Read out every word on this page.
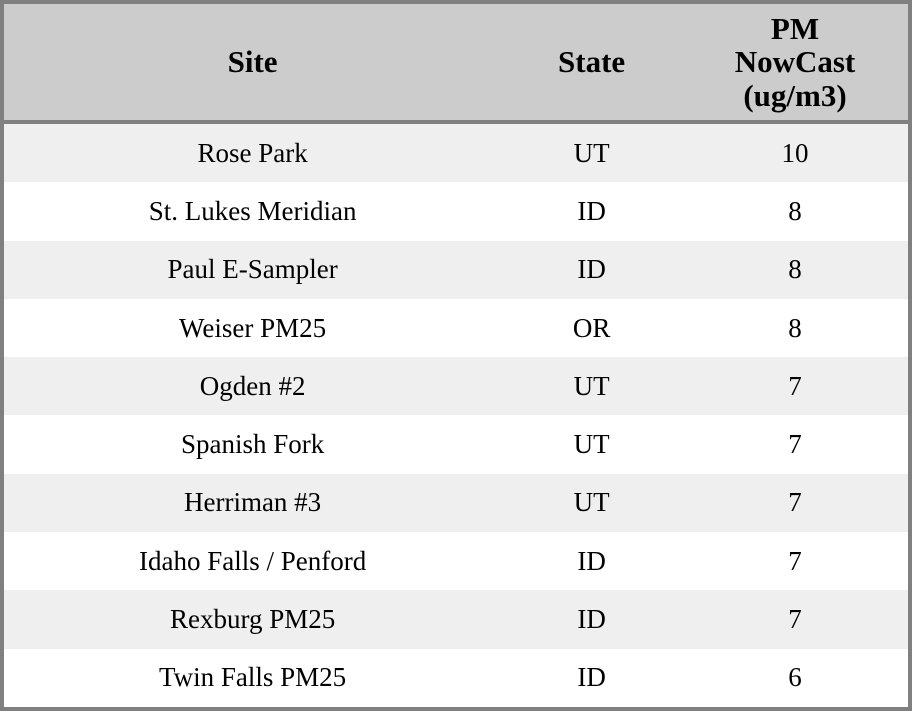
Site	State	PM
NowCast
(ug/m3)

Rose Park	UT	10
St. Lukes Meridian	ID	8
Paul E-Sampler	ID	8
Weiser PM25	OR	8
Ogden #2	UT	7
Spanish Fork	UT	7
Herriman #3	UT	7
Idaho Falls / Penford	ID	7
Rexburg PM25	ID	7
Twin Falls PM25	ID	6
